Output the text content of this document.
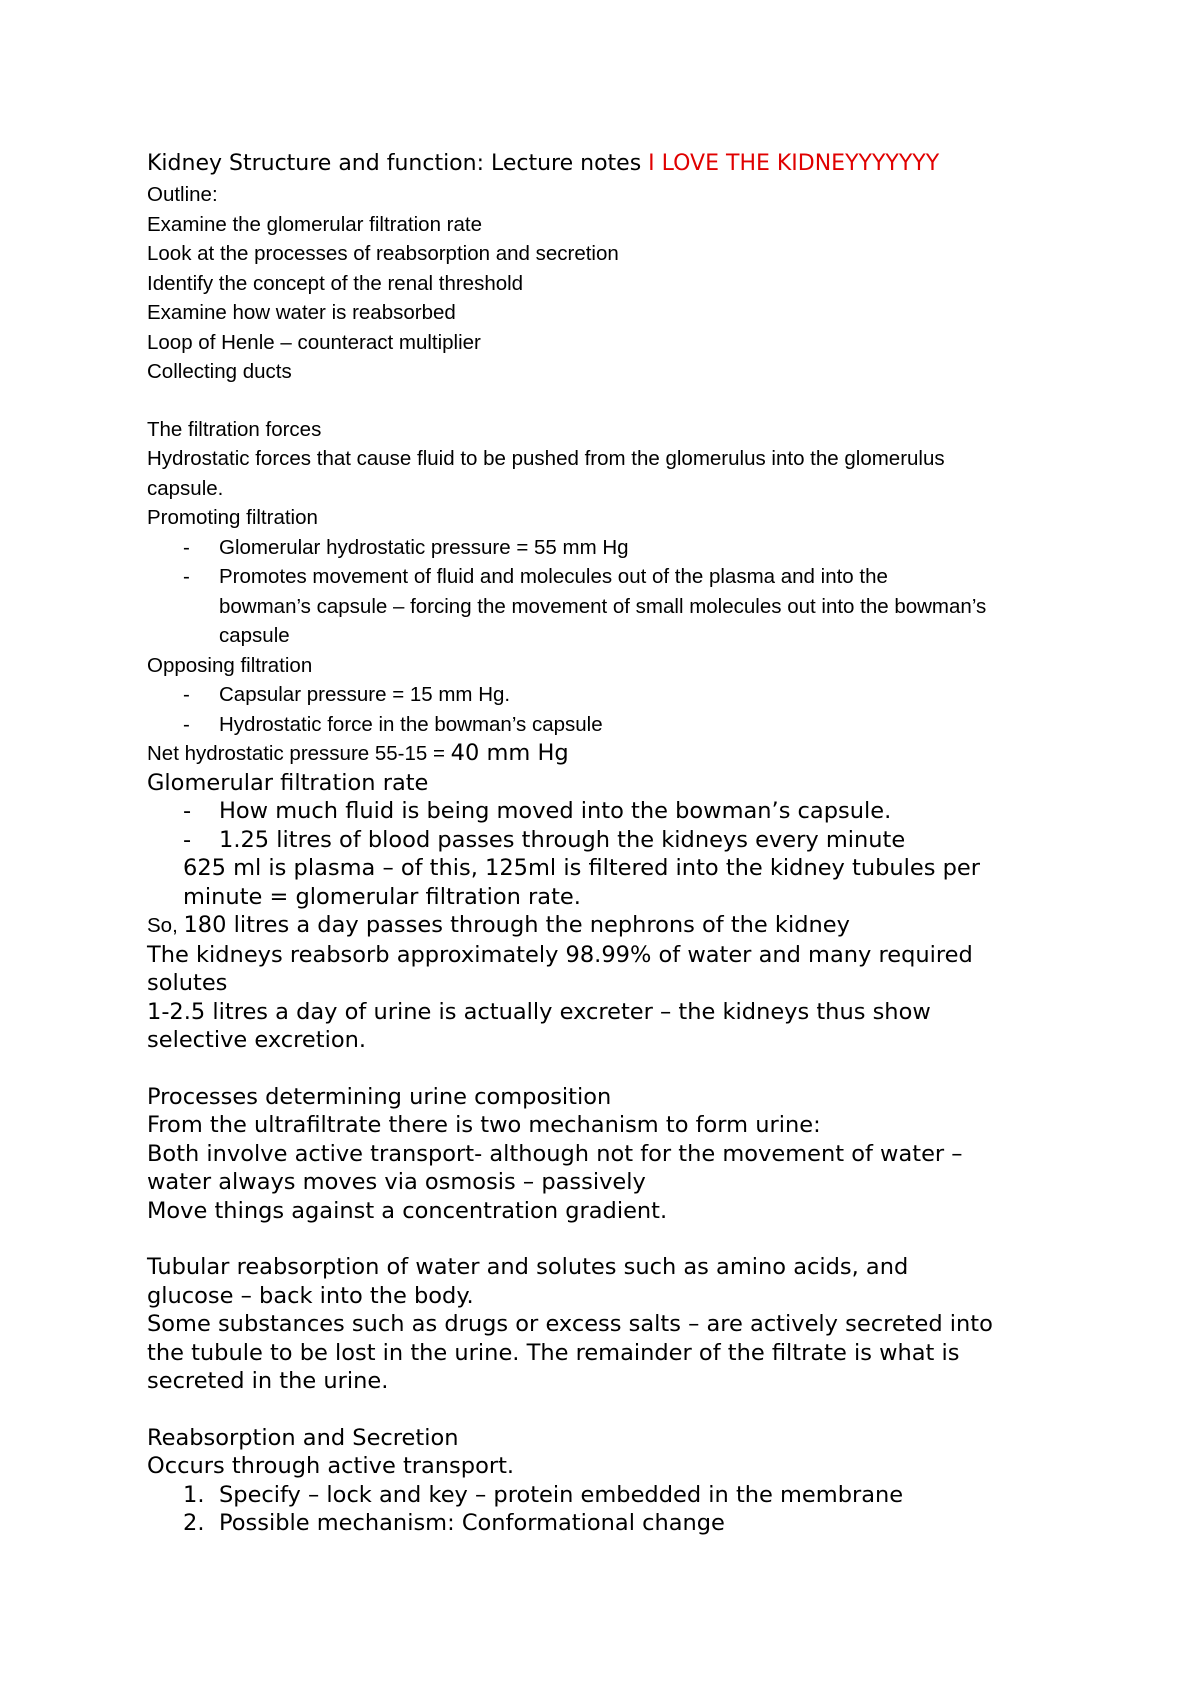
Kidney Structure and function: Lecture notes I LOVE THE KIDNEYYYYYYY
Outline:
Examine the glomerular filtration rate
Look at the processes of reabsorption and secretion
Identify the concept of the renal threshold
Examine how water is reabsorbed
Loop of Henle – counteract multiplier
Collecting ducts
The filtration forces
Hydrostatic forces that cause fluid to be pushed from the glomerulus into the glomerulus
capsule.
Promoting filtration
- Glomerular hydrostatic pressure = 55 mm Hg
- Promotes movement of fluid and molecules out of the plasma and into the
bowman’s capsule – forcing the movement of small molecules out into the bowman’s
capsule
Opposing filtration
- Capsular pressure = 15 mm Hg.
- Hydrostatic force in the bowman’s capsule
Net hydrostatic pressure 55-15 = 40 mm Hg
Glomerular filtration rate
- How much fluid is being moved into the bowman’s capsule.
- 1.25 litres of blood passes through the kidneys every minute
625 ml is plasma – of this, 125ml is filtered into the kidney tubules per
minute = glomerular filtration rate.
So, 180 litres a day passes through the nephrons of the kidney
The kidneys reabsorb approximately 98.99% of water and many required
solutes
1-2.5 litres a day of urine is actually excreter – the kidneys thus show
selective excretion.
Processes determining urine composition
From the ultrafiltrate there is two mechanism to form urine:
Both involve active transport- although not for the movement of water –
water always moves via osmosis – passively
Move things against a concentration gradient.
Tubular reabsorption of water and solutes such as amino acids, and
glucose – back into the body.
Some substances such as drugs or excess salts – are actively secreted into
the tubule to be lost in the urine. The remainder of the filtrate is what is
secreted in the urine.
Reabsorption and Secretion
Occurs through active transport.
1. Specify – lock and key – protein embedded in the membrane
2. Possible mechanism: Conformational change
